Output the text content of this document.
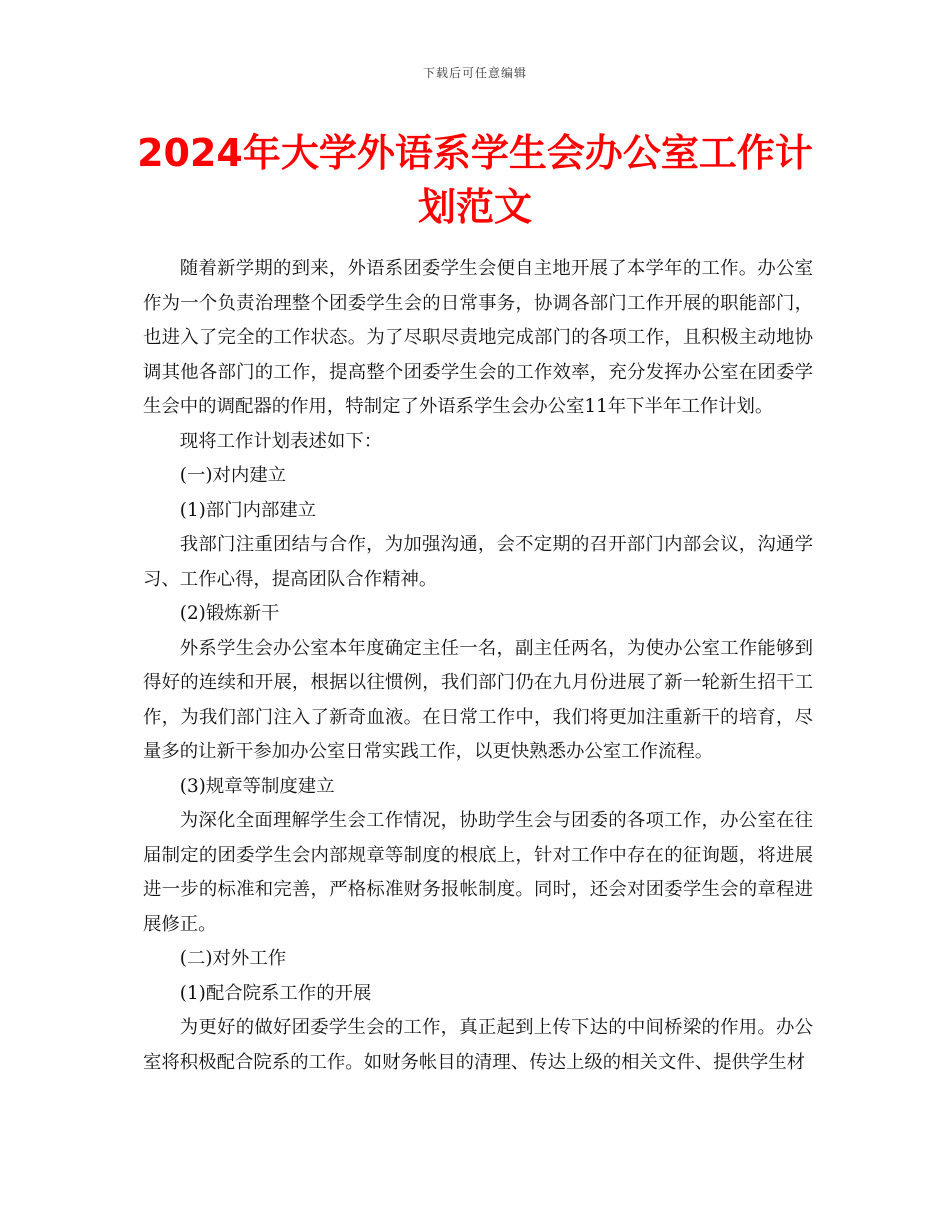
下载后可任意编辑
2024年大学外语系学生会办公室工作计划范文

随着新学期的到来，外语系团委学生会便自主地开展了本学年的工作。办公室作为一个负责治理整个团委学生会的日常事务，协调各部门工作开展的职能部门，也进入了完全的工作状态。为了尽职尽责地完成部门的各项工作，且积极主动地协调其他各部门的工作，提高整个团委学生会的工作效率，充分发挥办公室在团委学生会中的调配器的作用，特制定了外语系学生会办公室11年下半年工作计划。

现将工作计划表述如下：

(一)对内建立

(1)部门内部建立

我部门注重团结与合作，为加强沟通，会不定期的召开部门内部会议，沟通学习、工作心得，提高团队合作精神。

(2)锻炼新干

外系学生会办公室本年度确定主任一名，副主任两名，为使办公室工作能够到得好的连续和开展，根据以往惯例，我们部门仍在九月份进展了新一轮新生招干工作，为我们部门注入了新奇血液。在日常工作中，我们将更加注重新干的培育，尽量多的让新干参加办公室日常实践工作，以更快熟悉办公室工作流程。

(3)规章等制度建立

为深化全面理解学生会工作情况，协助学生会与团委的各项工作，办公室在往届制定的团委学生会内部规章等制度的根底上，针对工作中存在的征询题，将进展进一步的标准和完善，严格标准财务报帐制度。同时，还会对团委学生会的章程进展修正。

(二)对外工作

(1)配合院系工作的开展

为更好的做好团委学生会的工作，真正起到上传下达的中间桥梁的作用。办公室将积极配合院系的工作。如财务帐目的清理、传达上级的相关文件、提供学生材
